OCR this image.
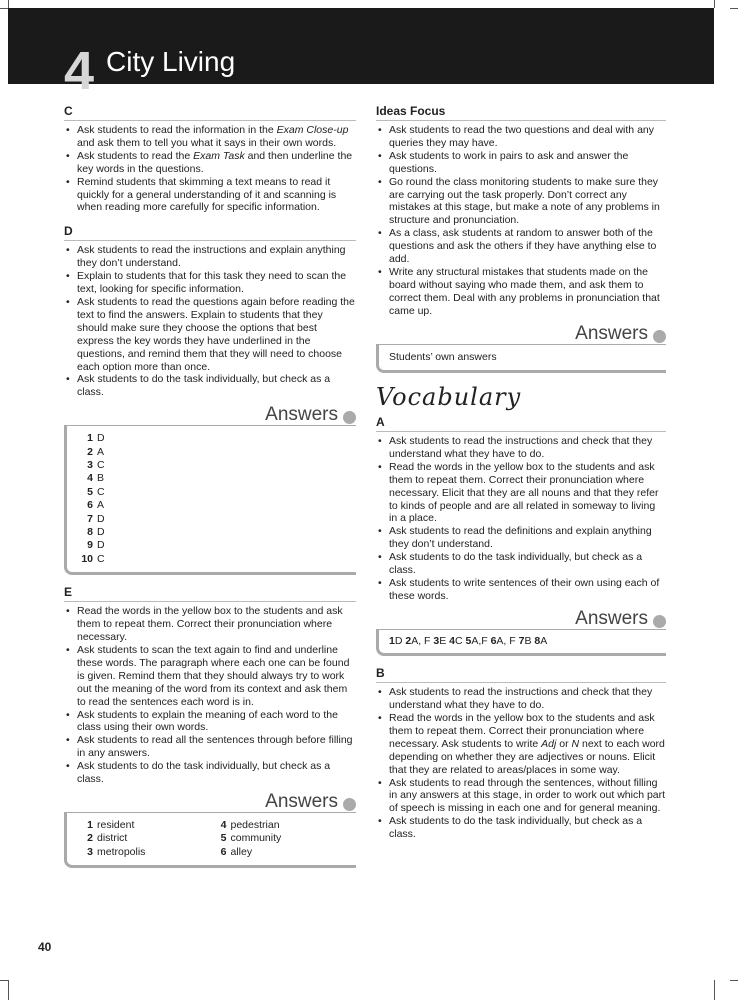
4 City Living
C
• Ask students to read the information in the Exam Close-up and ask them to tell you what it says in their own words.
• Ask students to read the Exam Task and then underline the key words in the questions.
• Remind students that skimming a text means to read it quickly for a general understanding of it and scanning is when reading more carefully for specific information.
D
• Ask students to read the instructions and explain anything they don’t understand.
• Explain to students that for this task they need to scan the text, looking for specific information.
• Ask students to read the questions again before reading the text to find the answers. Explain to students that they should make sure they choose the options that best express the key words they have underlined in the questions, and remind them that they will need to choose each option more than once.
• Ask students to do the task individually, but check as a class.
Answers
1 D
2 A
3 C
4 B
5 C
6 A
7 D
8 D
9 D
10 C
E
• Read the words in the yellow box to the students and ask them to repeat them. Correct their pronunciation where necessary.
• Ask students to scan the text again to find and underline these words. The paragraph where each one can be found is given. Remind them that they should always try to work out the meaning of the word from its context and ask them to read the sentences each word is in.
• Ask students to explain the meaning of each word to the class using their own words.
• Ask students to read all the sentences through before filling in any answers.
• Ask students to do the task individually, but check as a class.
Answers
1 resident
2 district
3 metropolis
4 pedestrian
5 community
6 alley
Ideas Focus
• Ask students to read the two questions and deal with any queries they may have.
• Ask students to work in pairs to ask and answer the questions.
• Go round the class monitoring students to make sure they are carrying out the task properly. Don’t correct any mistakes at this stage, but make a note of any problems in structure and pronunciation.
• As a class, ask students at random to answer both of the questions and ask the others if they have anything else to add.
• Write any structural mistakes that students made on the board without saying who made them, and ask them to correct them. Deal with any problems in pronunciation that came up.
Answers
Students’ own answers
Vocabulary
A
• Ask students to read the instructions and check that they understand what they have to do.
• Read the words in the yellow box to the students and ask them to repeat them. Correct their pronunciation where necessary. Elicit that they are all nouns and that they refer to kinds of people and are all related in someway to living in a place.
• Ask students to read the definitions and explain anything they don’t understand.
• Ask students to do the task individually, but check as a class.
• Ask students to write sentences of their own using each of these words.
Answers
1D 2A, F 3E 4C 5A,F 6A, F 7B 8A
B
• Ask students to read the instructions and check that they understand what they have to do.
• Read the words in the yellow box to the students and ask them to repeat them. Correct their pronunciation where necessary. Ask students to write Adj or N next to each word depending on whether they are adjectives or nouns. Elicit that they are related to areas/places in some way.
• Ask students to read through the sentences, without filling in any answers at this stage, in order to work out which part of speech is missing in each one and for general meaning.
• Ask students to do the task individually, but check as a class.
40
